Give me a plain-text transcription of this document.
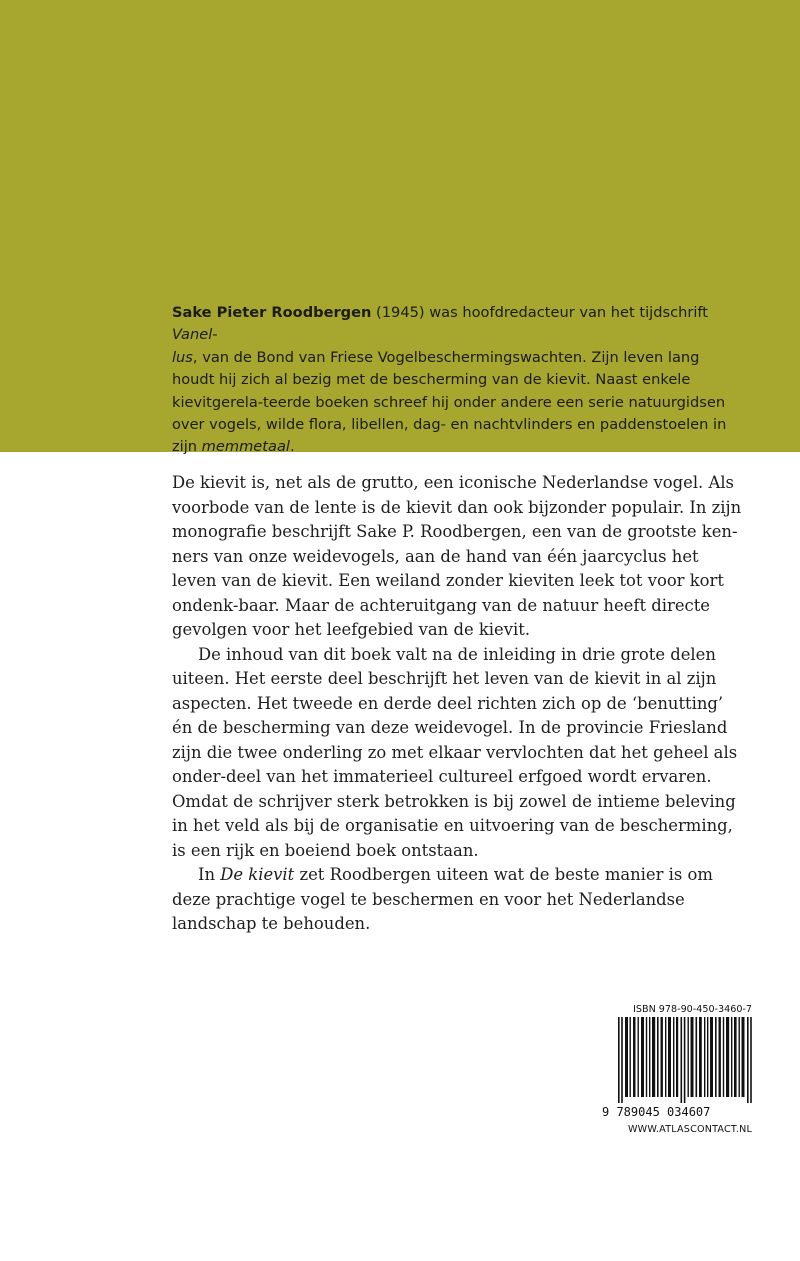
Sake Pieter Roodbergen (1945) was hoofdredacteur van het tijdschrift Vanel-
lus, van de Bond van Friese Vogelbeschermingswachten. Zijn leven lang houdt hij zich al bezig met de bescherming van de kievit. Naast enkele kievitgerela-teerde boeken schreef hij onder andere een serie natuurgidsen over vogels, wilde flora, libellen, dag- en nachtvlinders en paddenstoelen in zijn memmetaal.

De kievit is, net als de grutto, een iconische Nederlandse vogel. Als voorbode van de lente is de kievit dan ook bijzonder populair. In zijn monografie beschrijft Sake P. Roodbergen, een van de grootste ken-ners van onze weidevogels, aan de hand van één jaarcyclus het leven van de kievit. Een weiland zonder kieviten leek tot voor kort ondenk-baar. Maar de achteruitgang van de natuur heeft directe gevolgen voor het leefgebied van de kievit.

De inhoud van dit boek valt na de inleiding in drie grote delen uiteen. Het eerste deel beschrijft het leven van de kievit in al zijn aspecten. Het tweede en derde deel richten zich op de ‘benutting’ én de bescherming van deze weidevogel. In de provincie Friesland zijn die twee onderling zo met elkaar vervlochten dat het geheel als onder-deel van het immaterieel cultureel erfgoed wordt ervaren. Omdat de schrijver sterk betrokken is bij zowel de intieme beleving in het veld als bij de organisatie en uitvoering van de bescherming, is een rijk en boeiend boek ontstaan.

In De kievit zet Roodbergen uiteen wat de beste manier is om deze prachtige vogel te beschermen en voor het Nederlandse landschap te behouden.

ISBN 978-90-450-3460-7
9 789045 034607
WWW.ATLASCONTACT.NL
